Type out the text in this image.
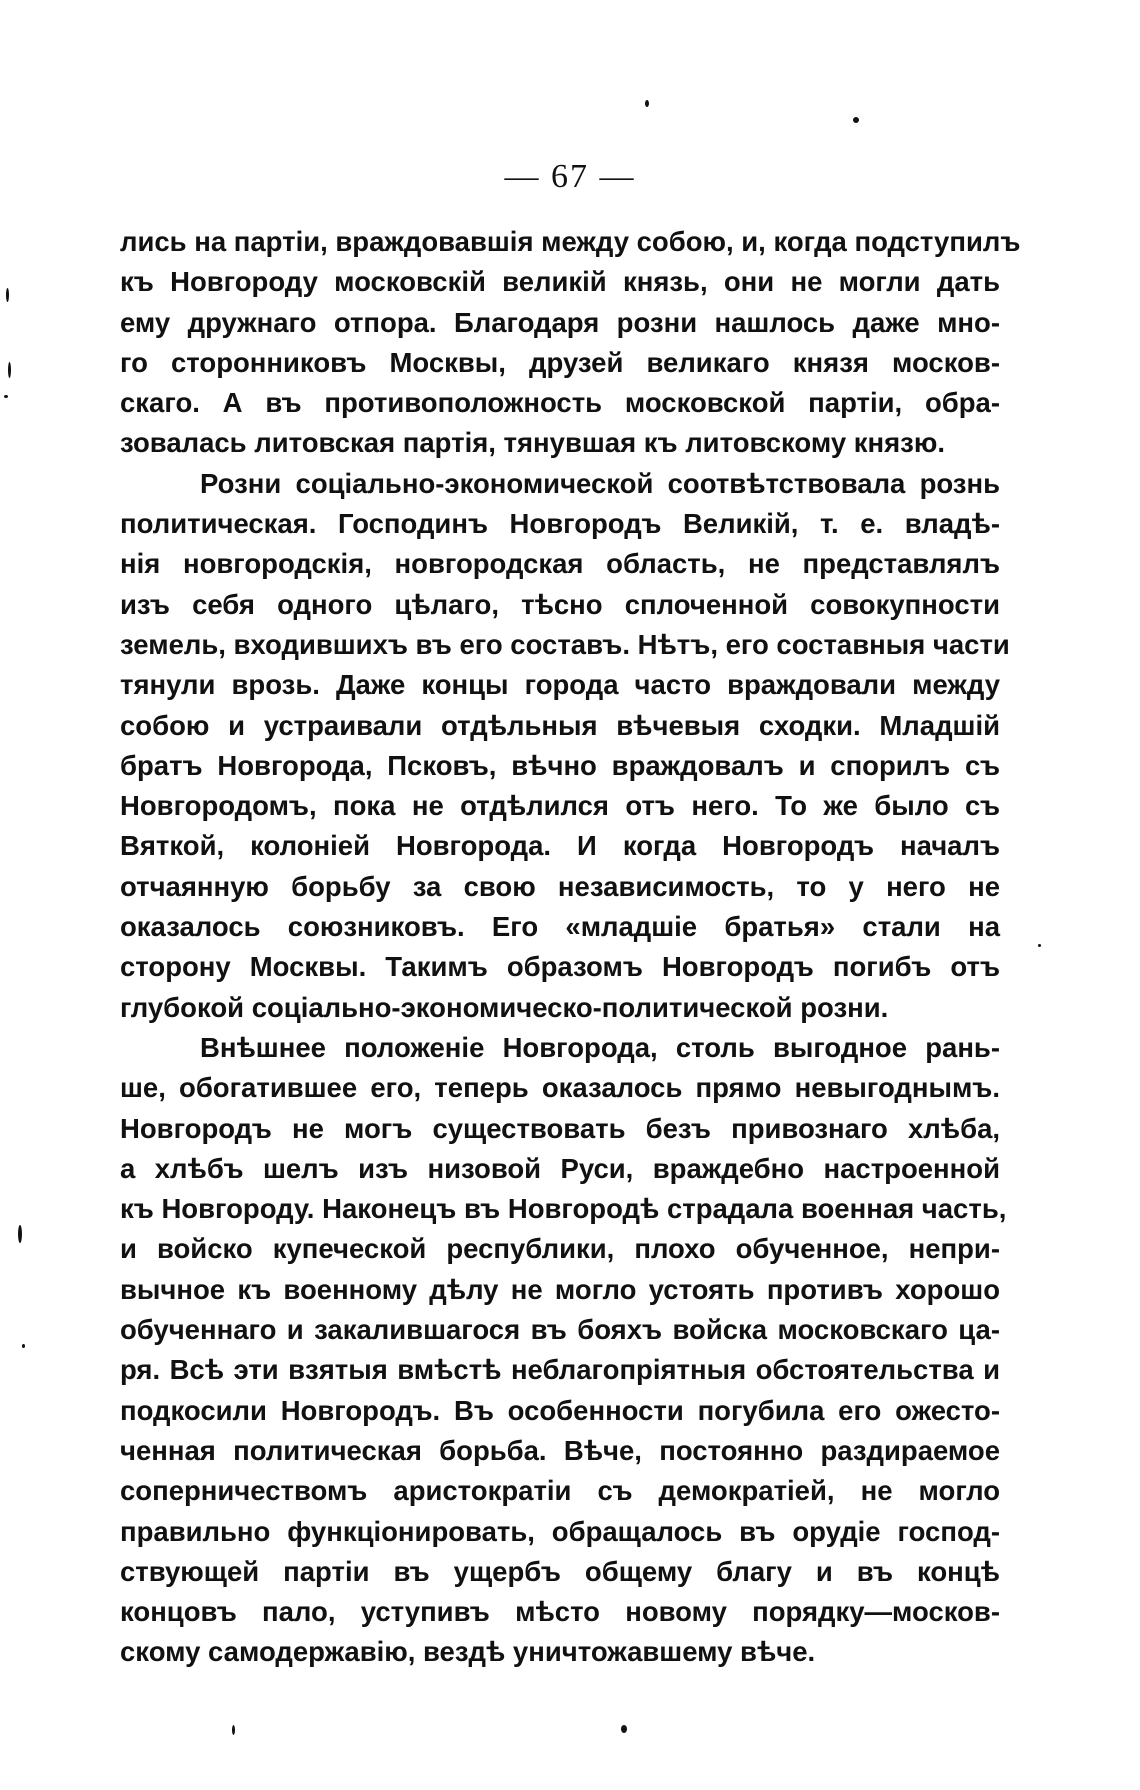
— 67 —
лись на партіи, враждовавшія между собою, и, когда подступилъ
къ Новгороду московскій великій князь, они не могли дать
ему дружнаго отпора. Благодаря розни нашлось даже мно-
го сторонниковъ Москвы, друзей великаго князя москов-
скаго. А въ противоположность московской партіи, обра-
зовалась литовская партія, тянувшая къ литовскому князю.
Розни соціально-экономической соотвѣтствовала рознь
политическая. Господинъ Новгородъ Великій, т. е. владѣ-
нія новгородскія, новгородская область, не представлялъ
изъ себя одного цѣлаго, тѣсно сплоченной совокупности
земель, входившихъ въ его составъ. Нѣтъ, его составныя части
тянули врозь. Даже концы города часто враждовали между
собою и устраивали отдѣльныя вѣчевыя сходки. Младшій
братъ Новгорода, Псковъ, вѣчно враждовалъ и спорилъ съ
Новгородомъ, пока не отдѣлился отъ него. То же было съ
Вяткой, колоніей Новгорода. И когда Новгородъ началъ
отчаянную борьбу за свою независимость, то у него не
оказалось союзниковъ. Его «младшіе братья» стали на
сторону Москвы. Такимъ образомъ Новгородъ погибъ отъ
глубокой соціально-экономическо-политической розни.
Внѣшнее положеніе Новгорода, столь выгодное рань-
ше, обогатившее его, теперь оказалось прямо невыгоднымъ.
Новгородъ не могъ существовать безъ привознаго хлѣба,
а хлѣбъ шелъ изъ низовой Руси, враждебно настроенной
къ Новгороду. Наконецъ въ Новгородѣ страдала военная часть,
и войско купеческой республики, плохо обученное, непри-
вычное къ военному дѣлу не могло устоять противъ хорошо
обученнаго и закалившагося въ бояхъ войска московскаго ца-
ря. Всѣ эти взятыя вмѣстѣ неблагопріятныя обстоятельства и
подкосили Новгородъ. Въ особенности погубила его ожесто-
ченная политическая борьба. Вѣче, постоянно раздираемое
соперничествомъ аристократіи съ демократіей, не могло
правильно функціонировать, обращалось въ орудіе господ-
ствующей партіи въ ущербъ общему благу и въ концѣ
концовъ пало, уступивъ мѣсто новому порядку—москов-
скому самодержавію, вездѣ уничтожавшему вѣче.
